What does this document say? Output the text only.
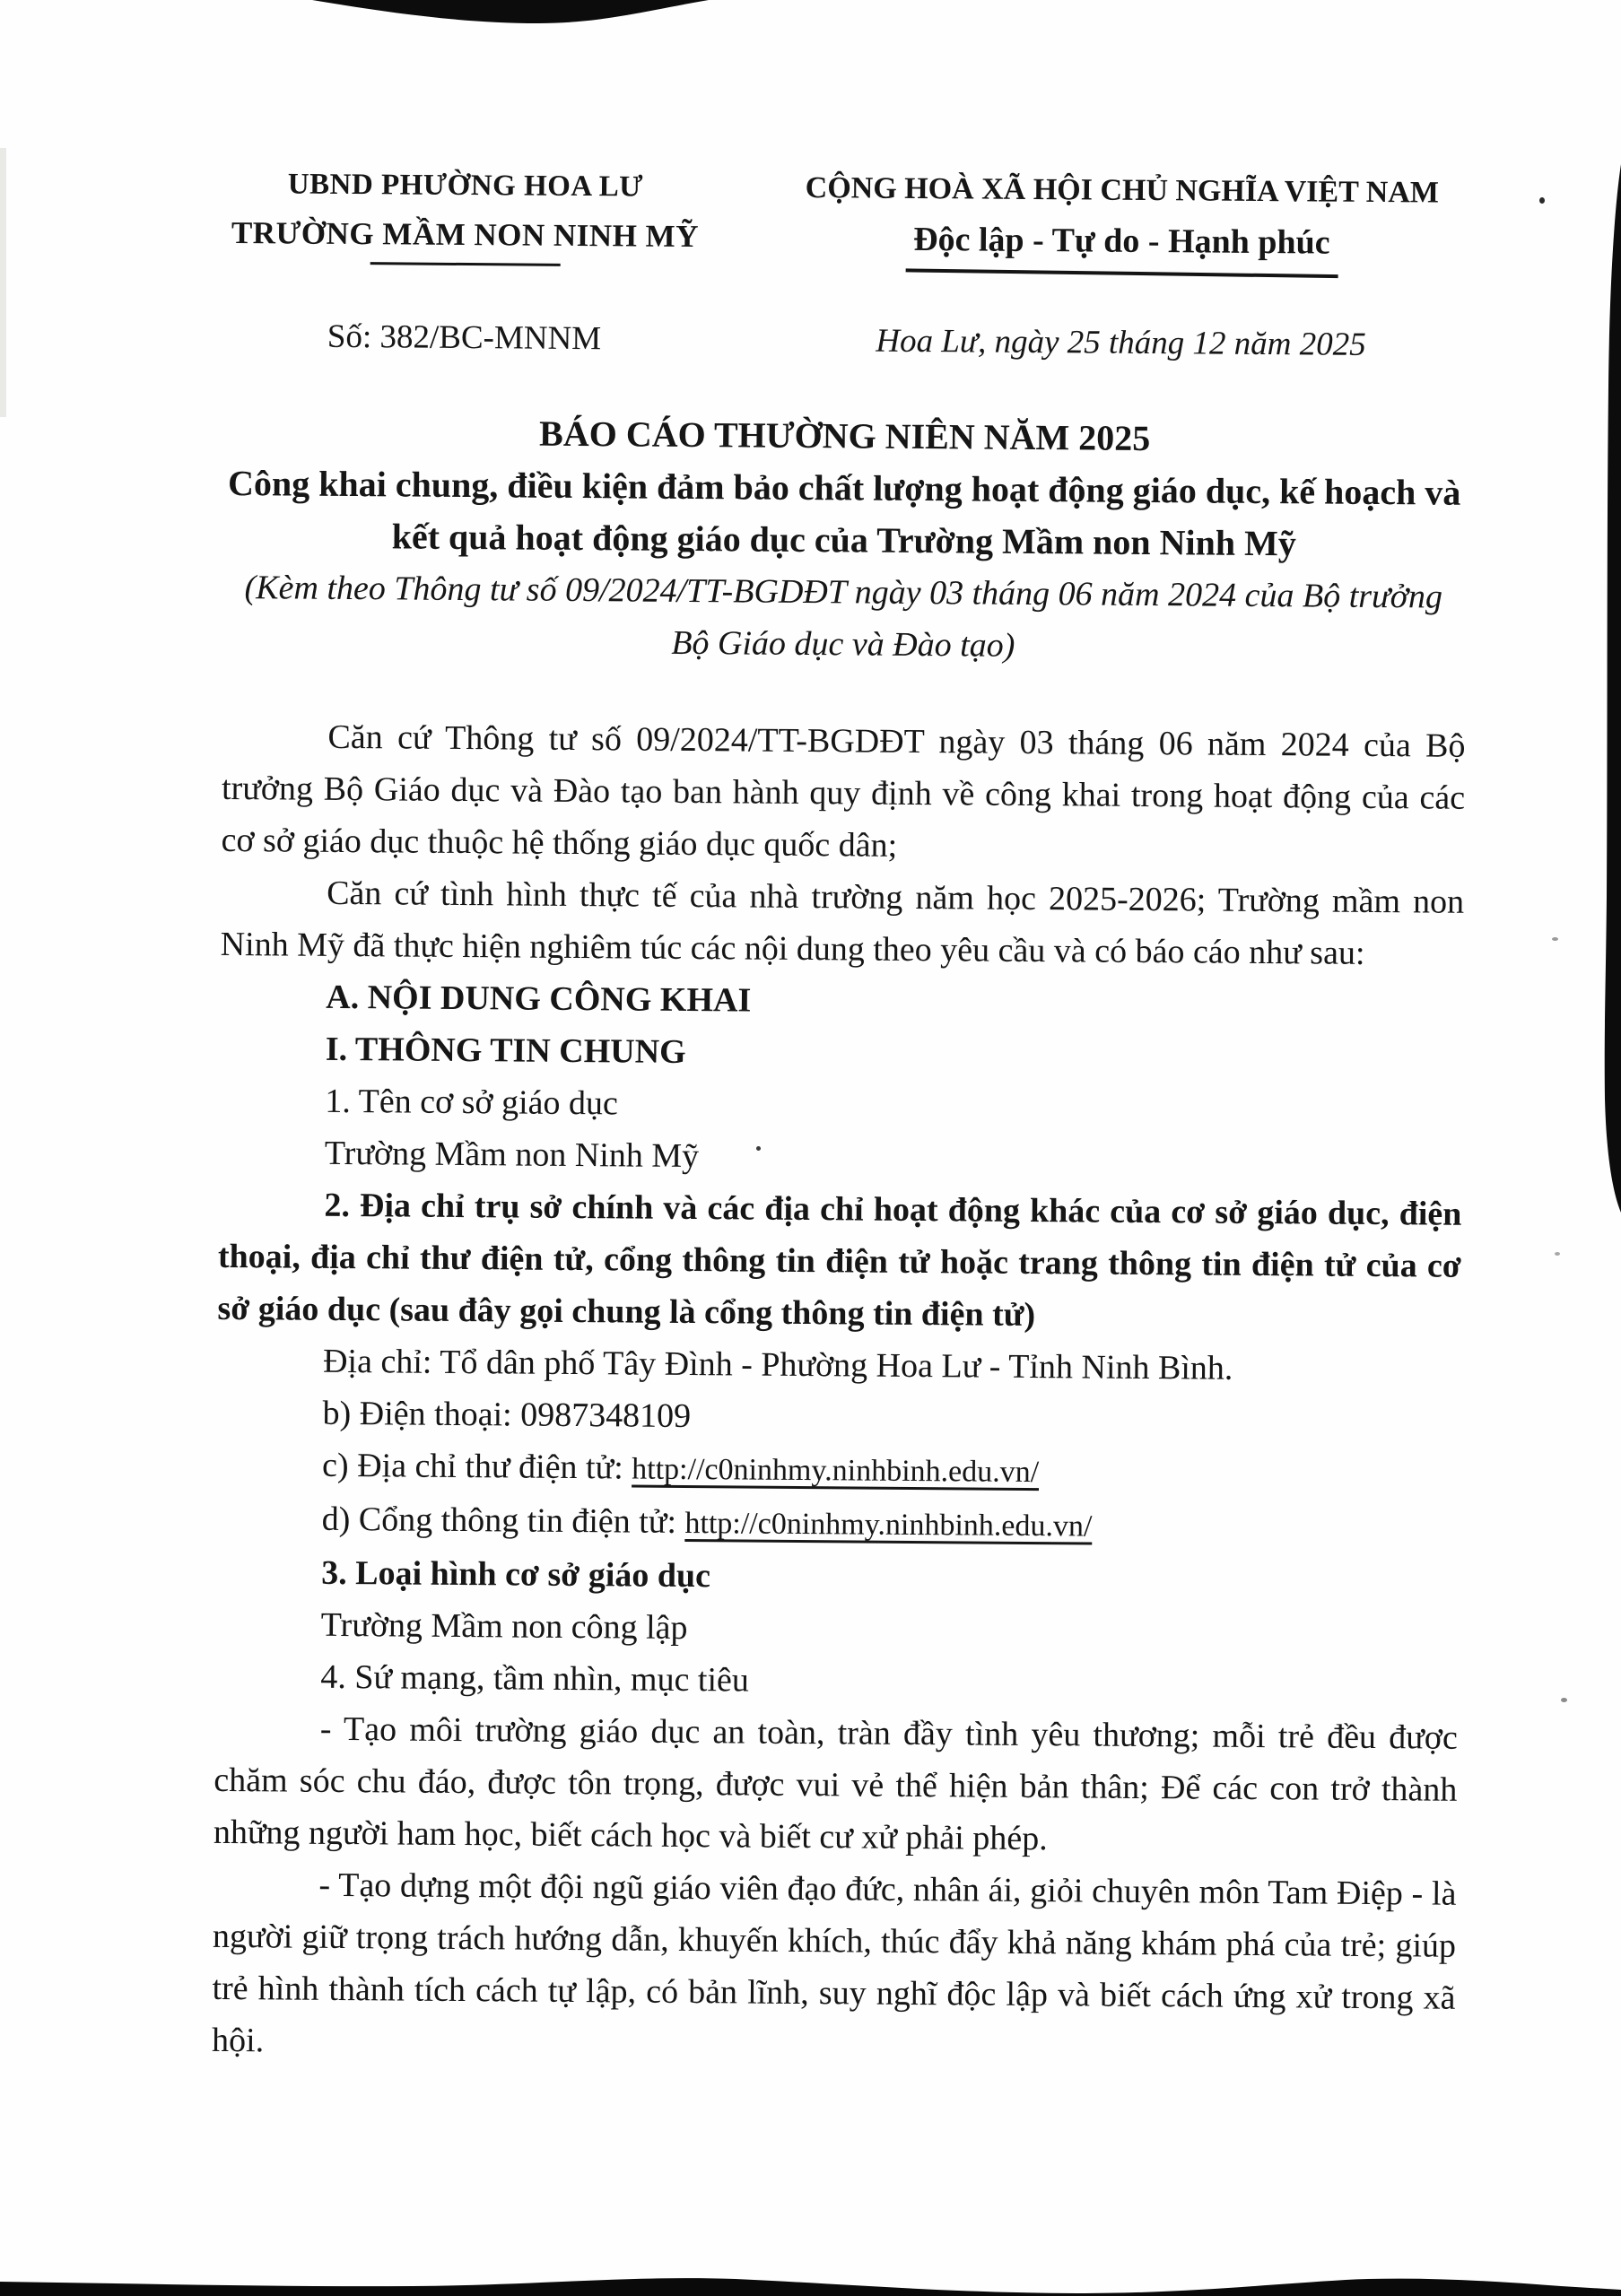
UBND PHƯỜNG HOA LƯ
TRƯỜNG MẦM NON NINH MỸ
CỘNG HOÀ XÃ HỘI CHỦ NGHĨA VIỆT NAM
Độc lập - Tự do - Hạnh phúc
Số: 382/BC-MNNM	Hoa Lư, ngày 25 tháng 12 năm 2025
BÁO CÁO THƯỜNG NIÊN NĂM 2025
Công khai chung, điều kiện đảm bảo chất lượng hoạt động giáo dục, kế hoạch và kết quả hoạt động giáo dục của Trường Mầm non Ninh Mỹ
(Kèm theo Thông tư số 09/2024/TT-BGDĐT ngày 03 tháng 06 năm 2024 của Bộ trưởng Bộ Giáo dục và Đào tạo)

Căn cứ Thông tư số 09/2024/TT-BGDĐT ngày 03 tháng 06 năm 2024 của Bộ trưởng Bộ Giáo dục và Đào tạo ban hành quy định về công khai trong hoạt động của các cơ sở giáo dục thuộc hệ thống giáo dục quốc dân;

Căn cứ tình hình thực tế của nhà trường năm học 2025-2026; Trường mầm non Ninh Mỹ đã thực hiện nghiêm túc các nội dung theo yêu cầu và có báo cáo như sau:

A. NỘI DUNG CÔNG KHAI

I. THÔNG TIN CHUNG

1. Tên cơ sở giáo dục

Trường Mầm non Ninh Mỹ

2. Địa chỉ trụ sở chính và các địa chỉ hoạt động khác của cơ sở giáo dục, điện thoại, địa chỉ thư điện tử, cổng thông tin điện tử hoặc trang thông tin điện tử của cơ sở giáo dục (sau đây gọi chung là cổng thông tin điện tử)

Địa chỉ: Tổ dân phố Tây Đình - Phường Hoa Lư - Tỉnh Ninh Bình.

b) Điện thoại: 0987348109

c) Địa chỉ thư điện tử: http://c0ninhmy.ninhbinh.edu.vn/

d) Cổng thông tin điện tử: http://c0ninhmy.ninhbinh.edu.vn/

3. Loại hình cơ sở giáo dục

Trường Mầm non công lập

4. Sứ mạng, tầm nhìn, mục tiêu

- Tạo môi trường giáo dục an toàn, tràn đầy tình yêu thương; mỗi trẻ đều được chăm sóc chu đáo, được tôn trọng, được vui vẻ thể hiện bản thân; Để các con trở thành những người ham học, biết cách học và biết cư xử phải phép.

- Tạo dựng một đội ngũ giáo viên đạo đức, nhân ái, giỏi chuyên môn Tam Điệp - là người giữ trọng trách hướng dẫn, khuyến khích, thúc đẩy khả năng khám phá của trẻ; giúp trẻ hình thành tích cách tự lập, có bản lĩnh, suy nghĩ độc lập và biết cách ứng xử trong xã hội.
